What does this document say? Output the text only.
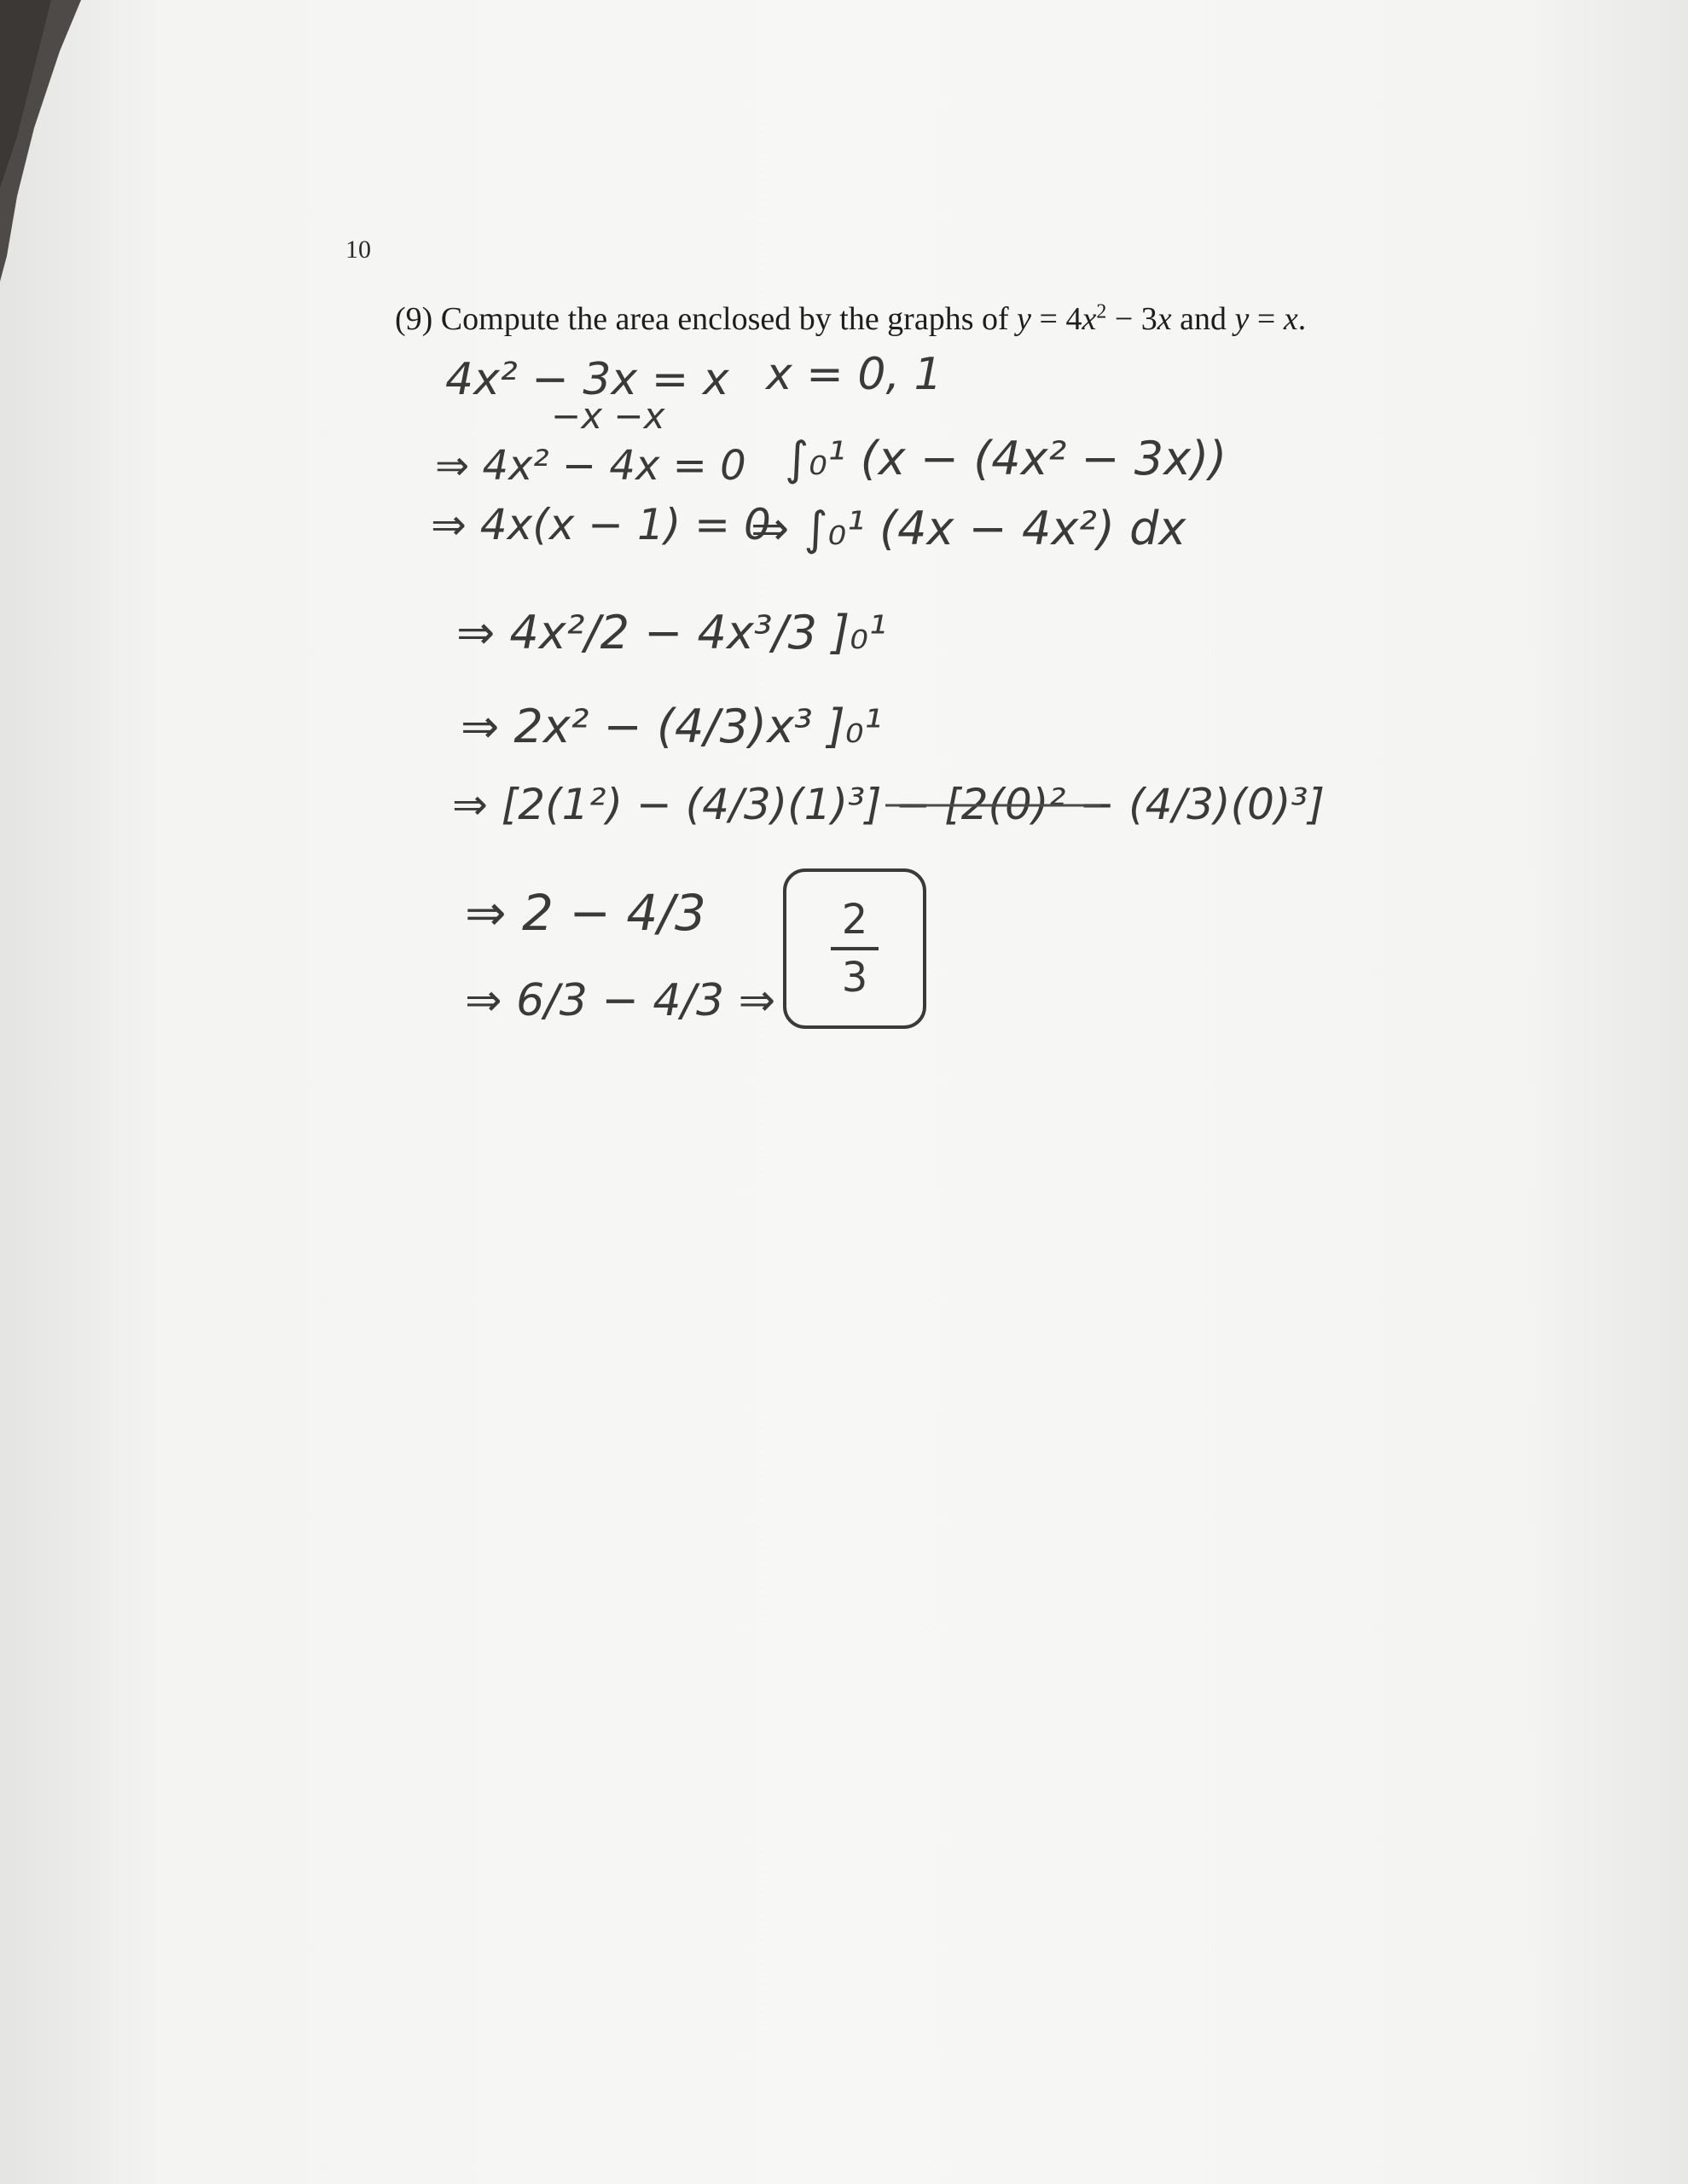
10
(9) Compute the area enclosed by the graphs of $y = 4x^2 - 3x$ and y = x.
4x² − 3x = x x = 0, 1
−x −x
⇒ 4x² − 4x = 0 ∫₀¹ (x − (4x² − 3x))
⇒ 4x(x − 1) = 0
⇒ ∫₀¹ (4x − 4x²) dx
⇒ 4x²/2 − 4x³/3 ]₀¹
⇒ 2x² − (4/3)x³ ]₀¹
⇒ [2(1²) − (4/3)(1)³] − [2(0)² − (4/3)(0)³]
⇒ 2 − 4/3
⇒ 6/3 − 4/3 ⇒
2
3
